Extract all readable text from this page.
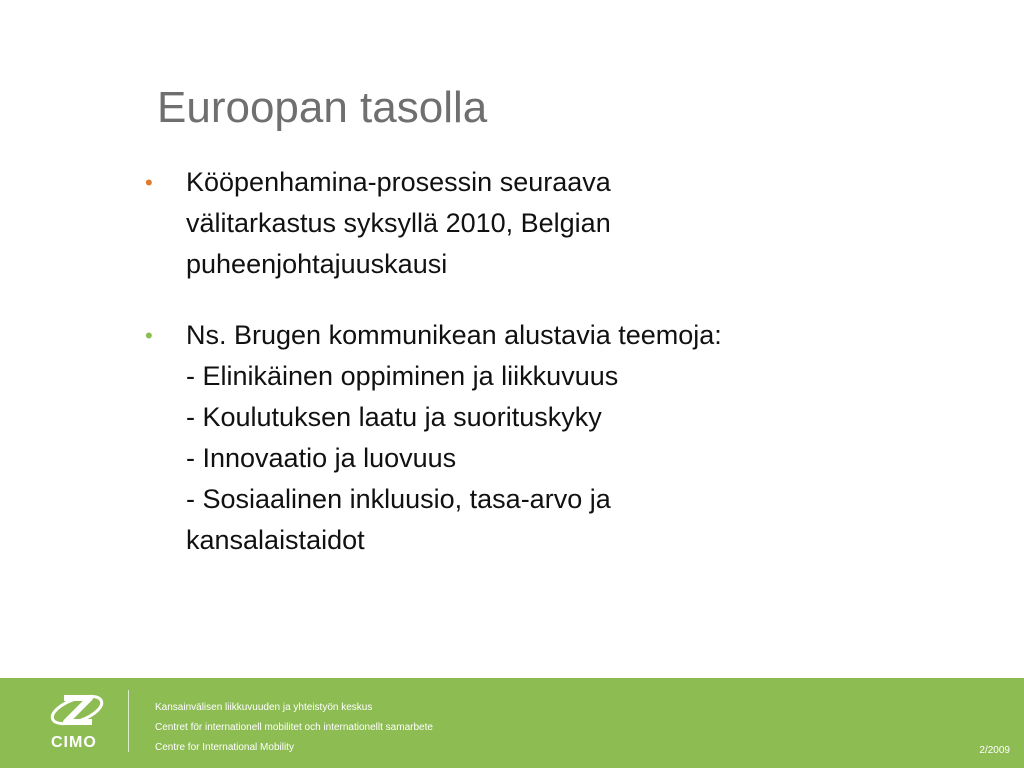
Euroopan tasolla
• Kööpenhamina-prosessin seuraava
välitarkastus syksyllä 2010, Belgian
puheenjohtajuuskausi
• Ns. Brugen kommunikean alustavia teemoja:
- Elinikäinen oppiminen ja liikkuvuus
- Koulutuksen laatu ja suorituskyky
- Innovaatio ja luovuus
- Sosiaalinen inkluusio, tasa-arvo ja
kansalaistaidot
CIMO
Kansainvälisen liikkuvuuden ja yhteistyön keskus
Centret för internationell mobilitet och internationellt samarbete
Centre for International Mobility	2/2009
